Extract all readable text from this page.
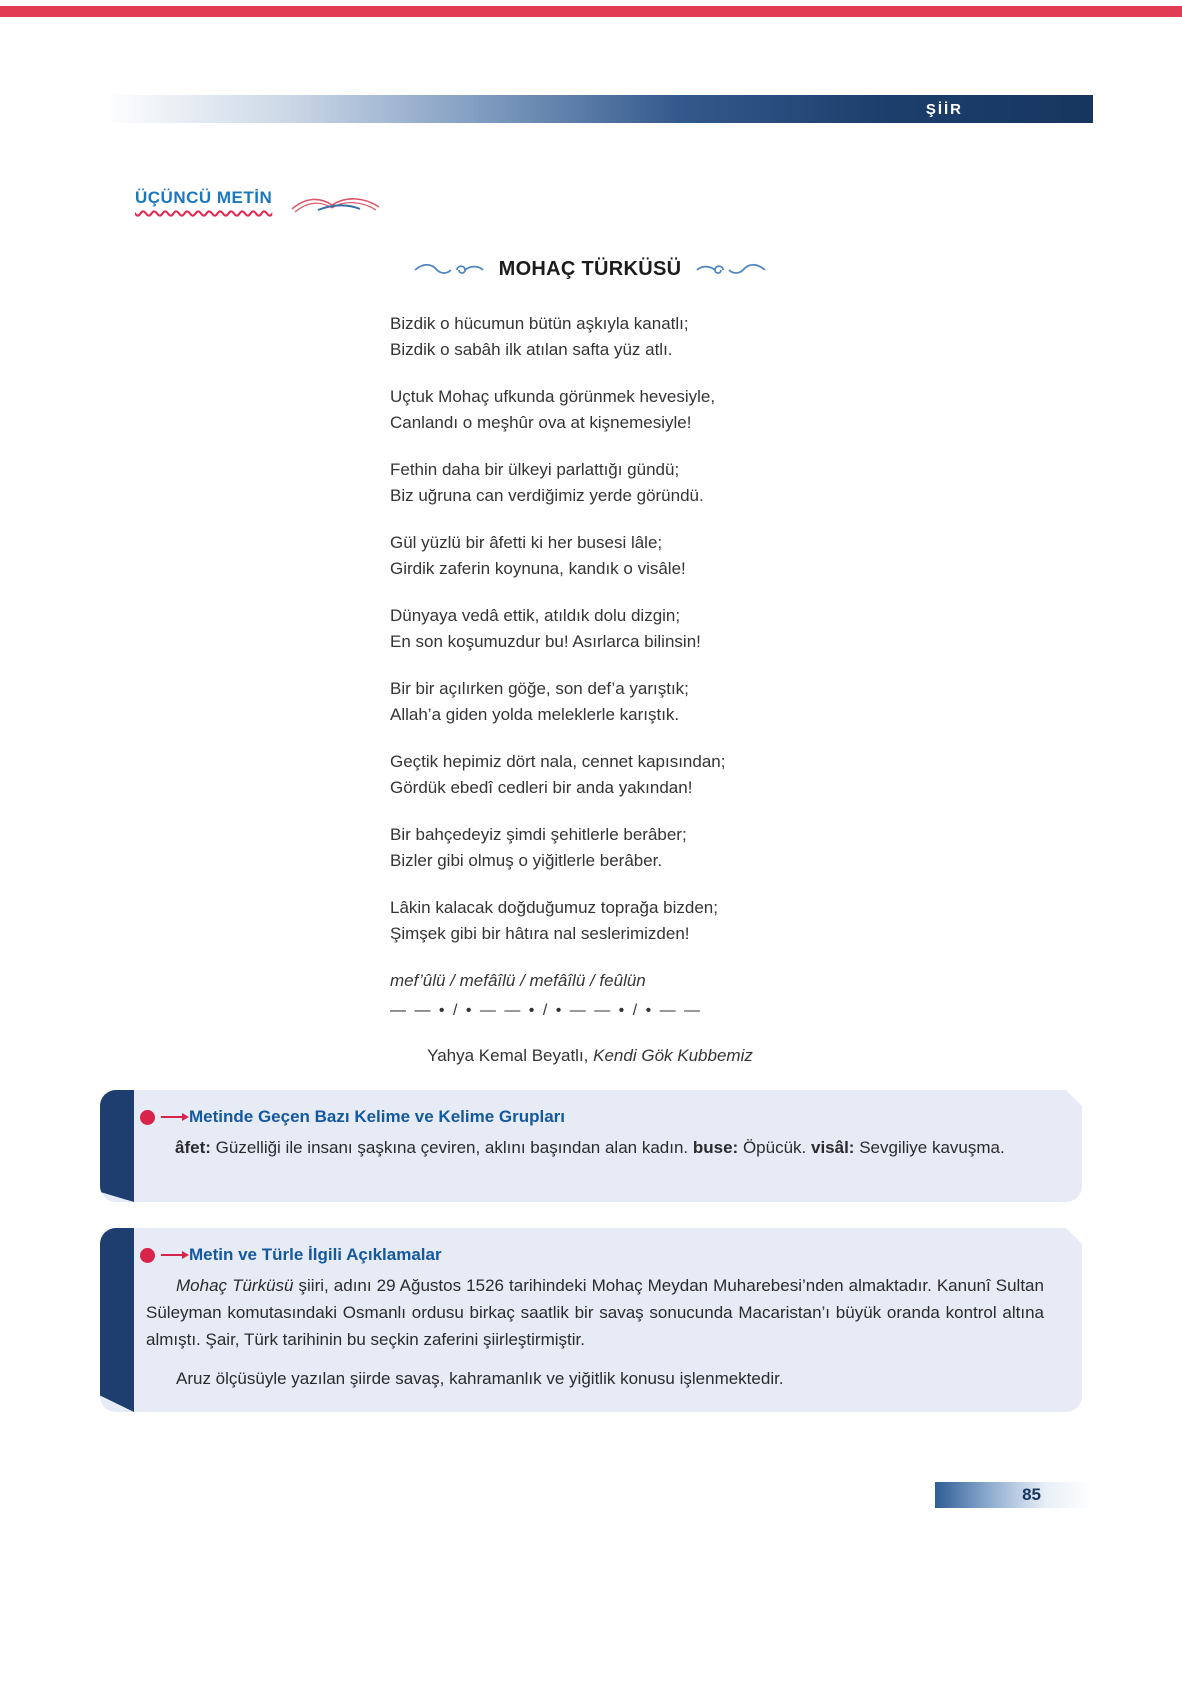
ŞİİR
ÜÇÜNCÜ METİN
MOHAÇ TÜRKÜSÜ

Bizdik o hücumun bütün aşkıyla kanatlı;

Bizdik o sabâh ilk atılan safta yüz atlı.

Uçtuk Mohaç ufkunda görünmek hevesiyle,

Canlandı o meşhûr ova at kişnemesiyle!

Fethin daha bir ülkeyi parlattığı gündü;

Biz uğruna can verdiğimiz yerde göründü.

Gül yüzlü bir âfetti ki her busesi lâle;

Girdik zaferin koynuna, kandık o visâle!

Dünyaya vedâ ettik, atıldık dolu dizgin;

En son koşumuzdur bu! Asırlarca bilinsin!

Bir bir açılırken göğe, son def’a yarıştık;

Allah’a giden yolda meleklerle karıştık.

Geçtik hepimiz dört nala, cennet kapısından;

Gördük ebedî cedleri bir anda yakından!

Bir bahçedeyiz şimdi şehitlerle berâber;

Bizler gibi olmuş o yiğitlerle berâber.

Lâkin kalacak doğduğumuz toprağa bizden;

Şimşek gibi bir hâtıra nal seslerimizden!

mef’ûlü / mefâîlü / mefâîlü / feûlün

— — • / • — — • / • — — • / • — —

Yahya Kemal Beyatlı, Kendi Gök Kubbemiz

Metinde Geçen Bazı Kelime ve Kelime Grupları

âfet: Güzelliği ile insanı şaşkına çeviren, aklını başından alan kadın. buse: Öpücük. visâl: Sevgiliye kavuşma.

Metin ve Türle İlgili Açıklamalar

Mohaç Türküsü şiiri, adını 29 Ağustos 1526 tarihindeki Mohaç Meydan Muharebesi’nden almaktadır. Kanunî Sultan Süleyman komutasındaki Osmanlı ordusu birkaç saatlik bir savaş sonucunda Macaristan’ı büyük oranda kontrol altına almıştı. Şair, Türk tarihinin bu seçkin zaferini şiirleştirmiştir.

Aruz ölçüsüyle yazılan şiirde savaş, kahramanlık ve yiğitlik konusu işlenmektedir.

85
